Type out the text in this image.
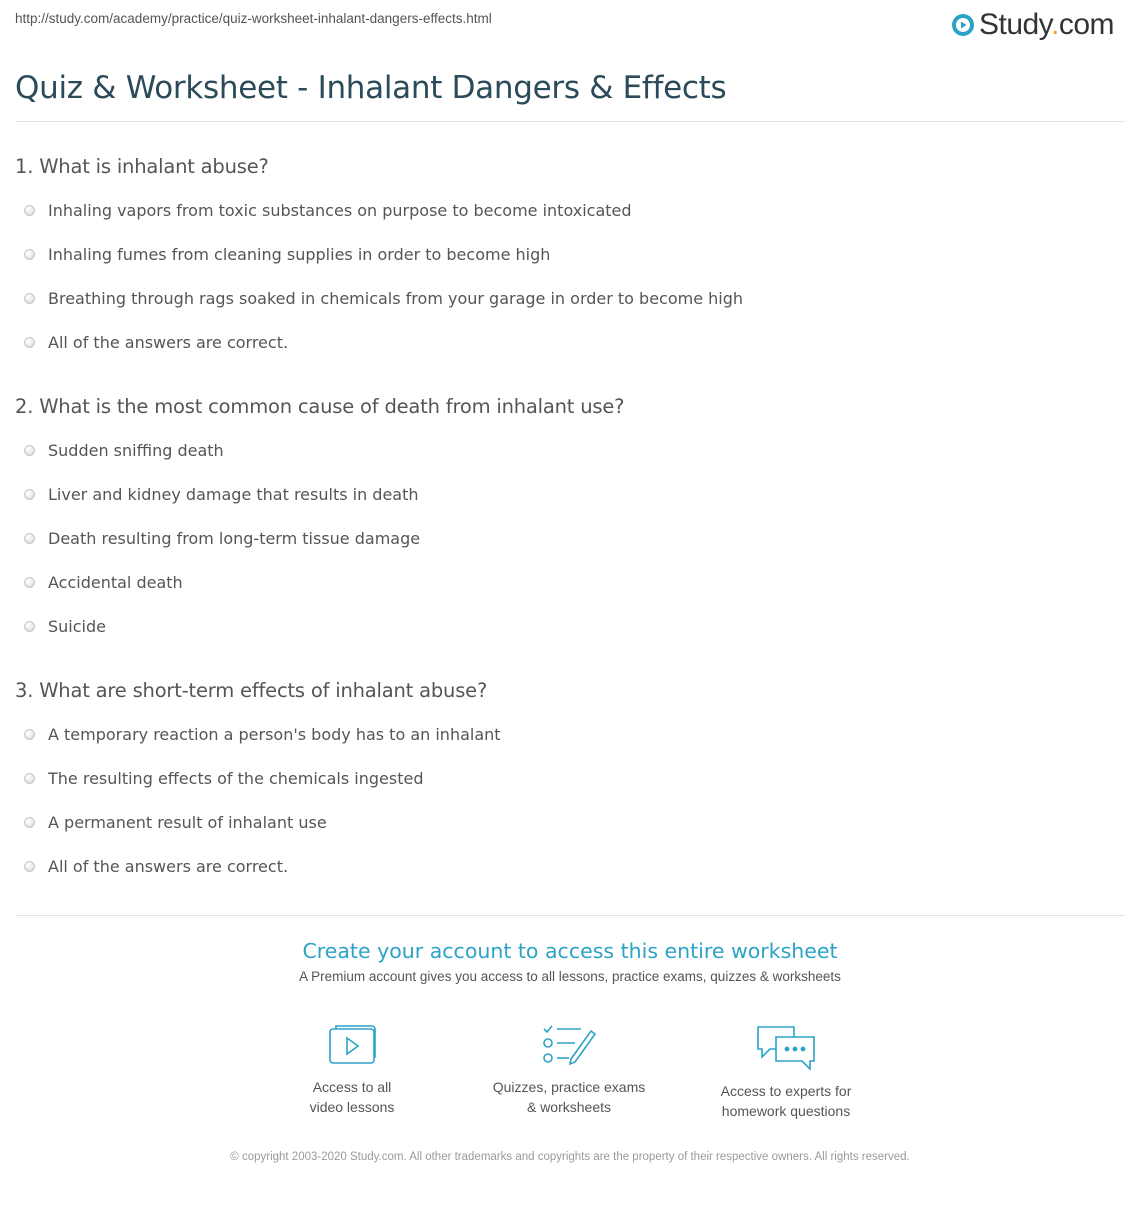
http://study.com/academy/practice/quiz-worksheet-inhalant-dangers-effects.html	Study.com
Quiz & Worksheet - Inhalant Dangers & Effects
1. What is inhalant abuse?
Inhaling vapors from toxic substances on purpose to become intoxicated
Inhaling fumes from cleaning supplies in order to become high
Breathing through rags soaked in chemicals from your garage in order to become high
All of the answers are correct.
2. What is the most common cause of death from inhalant use?
Sudden sniffing death
Liver and kidney damage that results in death
Death resulting from long-term tissue damage
Accidental death
Suicide
3. What are short-term effects of inhalant abuse?
A temporary reaction a person's body has to an inhalant
The resulting effects of the chemicals ingested
A permanent result of inhalant use
All of the answers are correct.
Create your account to access this entire worksheet
A Premium account gives you access to all lessons, practice exams, quizzes & worksheets
Access to all
video lessons
Quizzes, practice exams
& worksheets
Access to experts for
homework questions
© copyright 2003-2020 Study.com. All other trademarks and copyrights are the property of their respective owners. All rights reserved.
